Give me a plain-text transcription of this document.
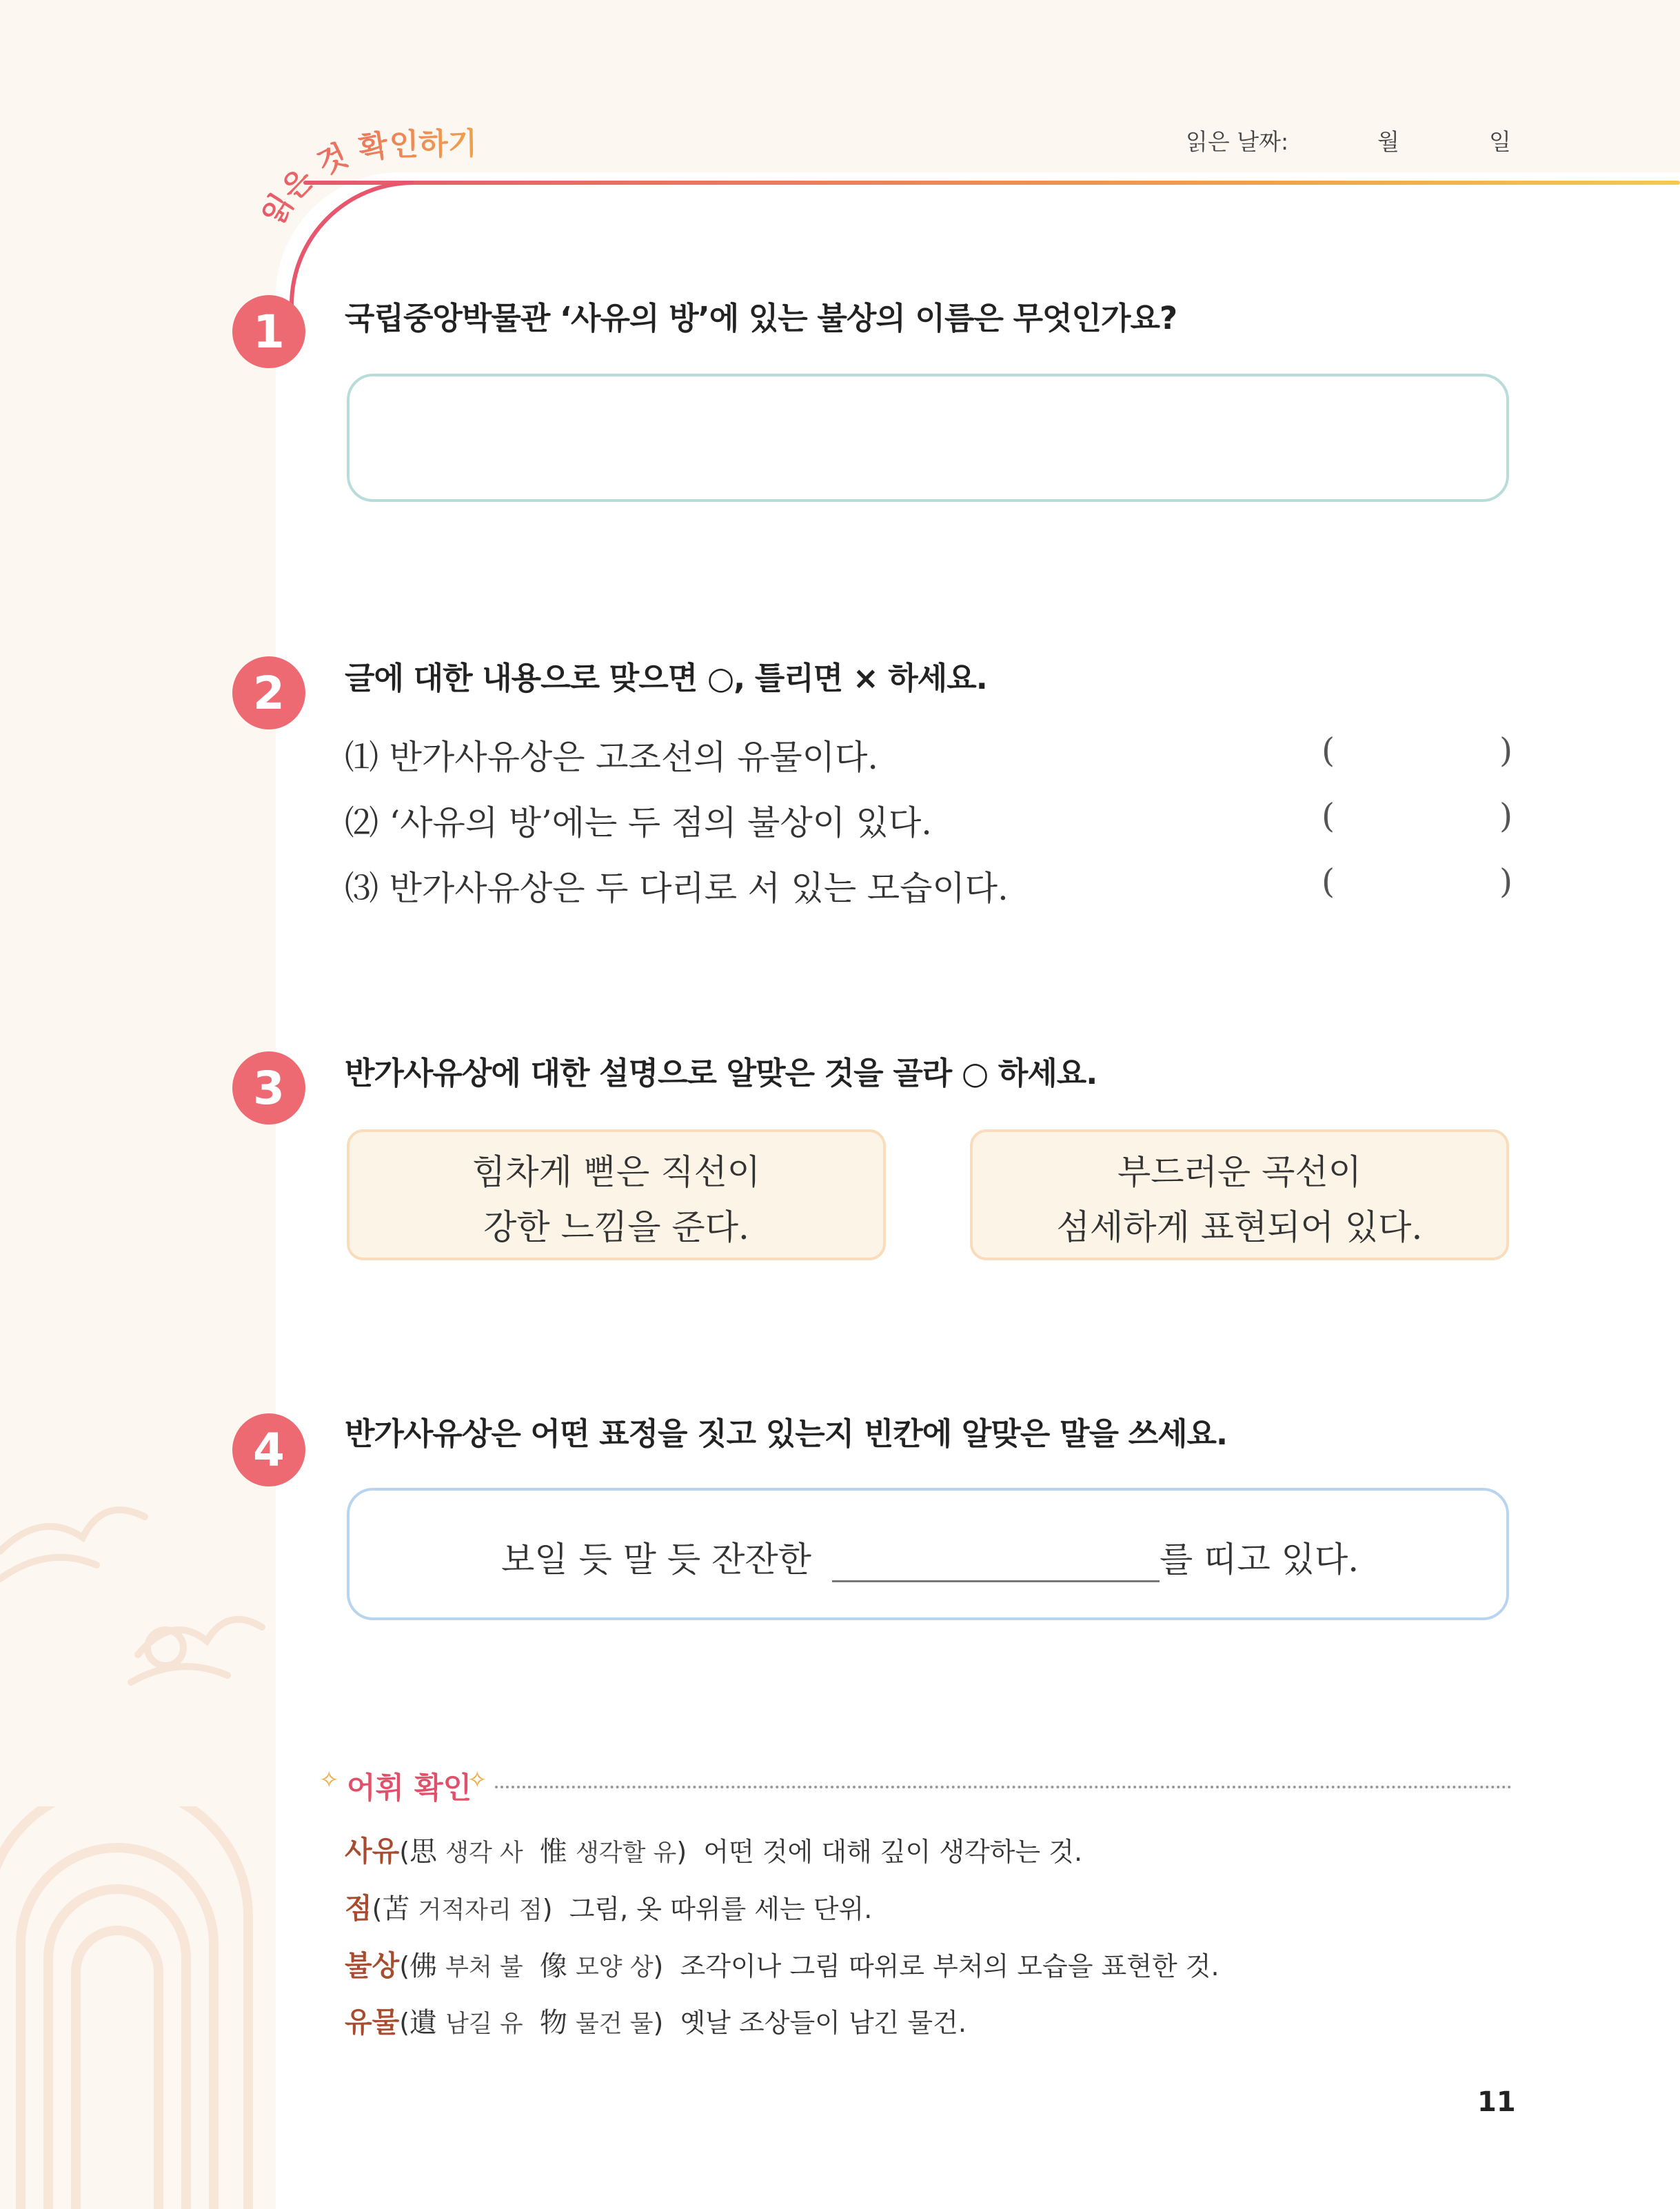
읽은 것 확인하기	읽은 날짜:	월	일
1	국립중앙박물관 ‘사유의 방’에 있는 불상의 이름은 무엇인가요?
2	글에 대한 내용으로 맞으면 ○, 틀리면 × 하세요.
⑴ 반가사유상은 고조선의 유물이다.	(	)
⑵ ‘사유의 방’에는 두 점의 불상이 있다.	(	)
⑶ 반가사유상은 두 다리로 서 있는 모습이다.	(	)
3	반가사유상에 대한 설명으로 알맞은 것을 골라 ○ 하세요.
힘차게 뻗은 직선이
강한 느낌을 준다.
부드러운 곡선이
섬세하게 표현되어 있다.
4	반가사유상은 어떤 표정을 짓고 있는지 빈칸에 알맞은 말을 쓰세요.
보일 듯 말 듯 잔잔한	를 띠고 있다.
✧ 어휘 확인
✧
사유(思 생각 사 惟 생각할 유) 어떤 것에 대해 깊이 생각하는 것.
점(苫 거적자리 점) 그림, 옷 따위를 세는 단위.
불상(佛 부처 불 像 모양 상) 조각이나 그림 따위로 부처의 모습을 표현한 것.
유물(遺 남길 유 物 물건 물) 옛날 조상들이 남긴 물건.
11
